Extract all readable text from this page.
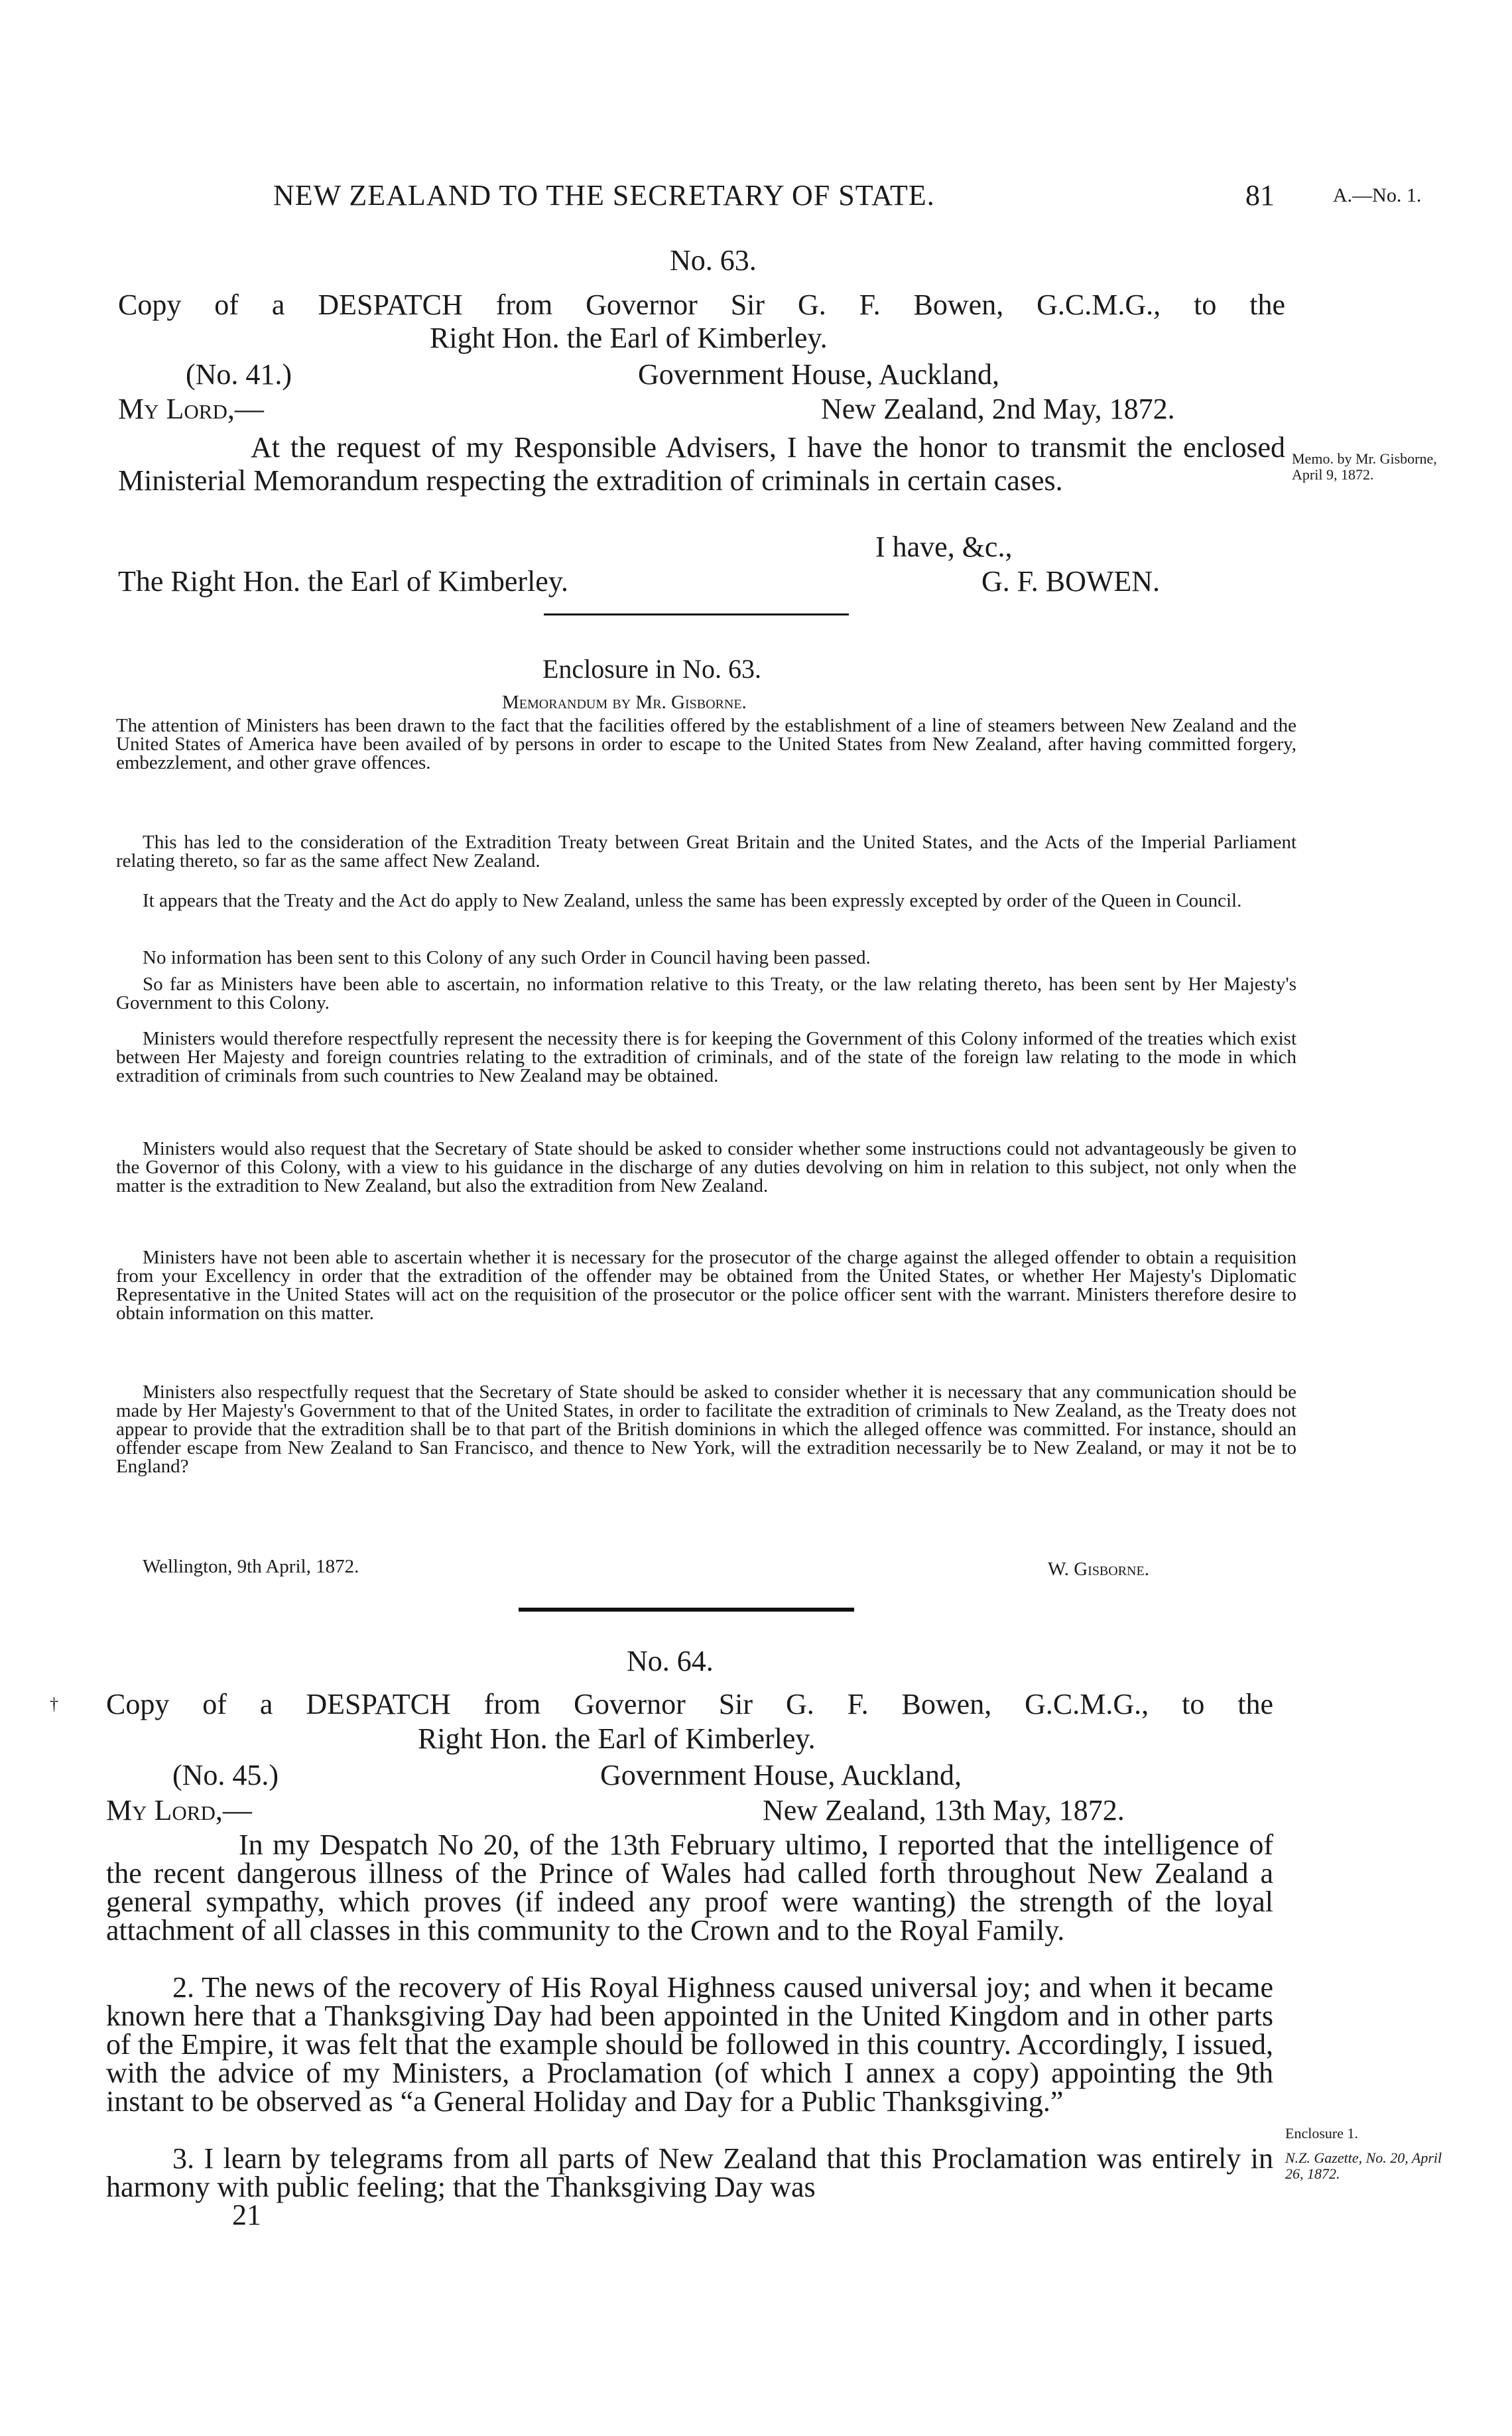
NEW ZEALAND TO THE SECRETARY OF STATE.	81	A.—No. 1.
No. 63.
Copy of a DESPATCH from Governor Sir G. F. Bowen, G.C.M.G., to the
Right Hon. the Earl of Kimberley.
(No. 41.)	Government House, Auckland,
My Lord,—	New Zealand, 2nd May, 1872.
At the request of my Responsible Advisers, I have the honor to transmit the enclosed Ministerial Memorandum respecting the extradition of criminals in certain cases.
Memo. by Mr. Gisborne, April 9, 1872.
I have, &c.,
The Right Hon. the Earl of Kimberley.	G. F. BOWEN.
Enclosure in No. 63.
Memorandum by Mr. Gisborne.
The attention of Ministers has been drawn to the fact that the facilities offered by the establishment of a line of steamers between New Zealand and the United States of America have been availed of by persons in order to escape to the United States from New Zealand, after having committed forgery, embezzlement, and other grave offences.
This has led to the consideration of the Extradition Treaty between Great Britain and the United States, and the Acts of the Imperial Parliament relating thereto, so far as the same affect New Zealand.
It appears that the Treaty and the Act do apply to New Zealand, unless the same has been expressly excepted by order of the Queen in Council.
No information has been sent to this Colony of any such Order in Council having been passed.
So far as Ministers have been able to ascertain, no information relative to this Treaty, or the law relating thereto, has been sent by Her Majesty's Government to this Colony.
Ministers would therefore respectfully represent the necessity there is for keeping the Government of this Colony informed of the treaties which exist between Her Majesty and foreign countries relating to the extradition of criminals, and of the state of the foreign law relating to the mode in which extradition of criminals from such countries to New Zealand may be obtained.
Ministers would also request that the Secretary of State should be asked to consider whether some instructions could not advantageously be given to the Governor of this Colony, with a view to his guidance in the discharge of any duties devolving on him in relation to this subject, not only when the matter is the extradition to New Zealand, but also the extradition from New Zealand.
Ministers have not been able to ascertain whether it is necessary for the prosecutor of the charge against the alleged offender to obtain a requisition from your Excellency in order that the extradition of the offender may be obtained from the United States, or whether Her Majesty's Diplomatic Representative in the United States will act on the requisition of the prosecutor or the police officer sent with the warrant. Ministers therefore desire to obtain information on this matter.
Ministers also respectfully request that the Secretary of State should be asked to consider whether it is necessary that any communication should be made by Her Majesty's Government to that of the United States, in order to facilitate the extradition of criminals to New Zealand, as the Treaty does not appear to provide that the extradition shall be to that part of the British dominions in which the alleged offence was committed. For instance, should an offender escape from New Zealand to San Francisco, and thence to New York, will the extradition necessarily be to New Zealand, or may it not be to England?
Wellington, 9th April, 1872.	W. Gisborne.
No. 64.
† Copy of a DESPATCH from Governor Sir G. F. Bowen, G.C.M.G., to the
Right Hon. the Earl of Kimberley.
(No. 45.)	Government House, Auckland,
My Lord,—	New Zealand, 13th May, 1872.
In my Despatch No 20, of the 13th February ultimo, I reported that the intelligence of the recent dangerous illness of the Prince of Wales had called forth throughout New Zealand a general sympathy, which proves (if indeed any proof were wanting) the strength of the loyal attachment of all classes in this community to the Crown and to the Royal Family.
2. The news of the recovery of His Royal Highness caused universal joy; and when it became known here that a Thanksgiving Day had been appointed in the United Kingdom and in other parts of the Empire, it was felt that the example should be followed in this country. Accordingly, I issued, with the advice of my Ministers, a Proclamation (of which I annex a copy) appointing the 9th instant to be observed as “a General Holiday and Day for a Public Thanksgiving.”
3. I learn by telegrams from all parts of New Zealand that this Proclamation was entirely in harmony with public feeling; that the Thanksgiving Day was
Enclosure 1.
N.Z. Gazette, No. 20, April 26, 1872.
21
